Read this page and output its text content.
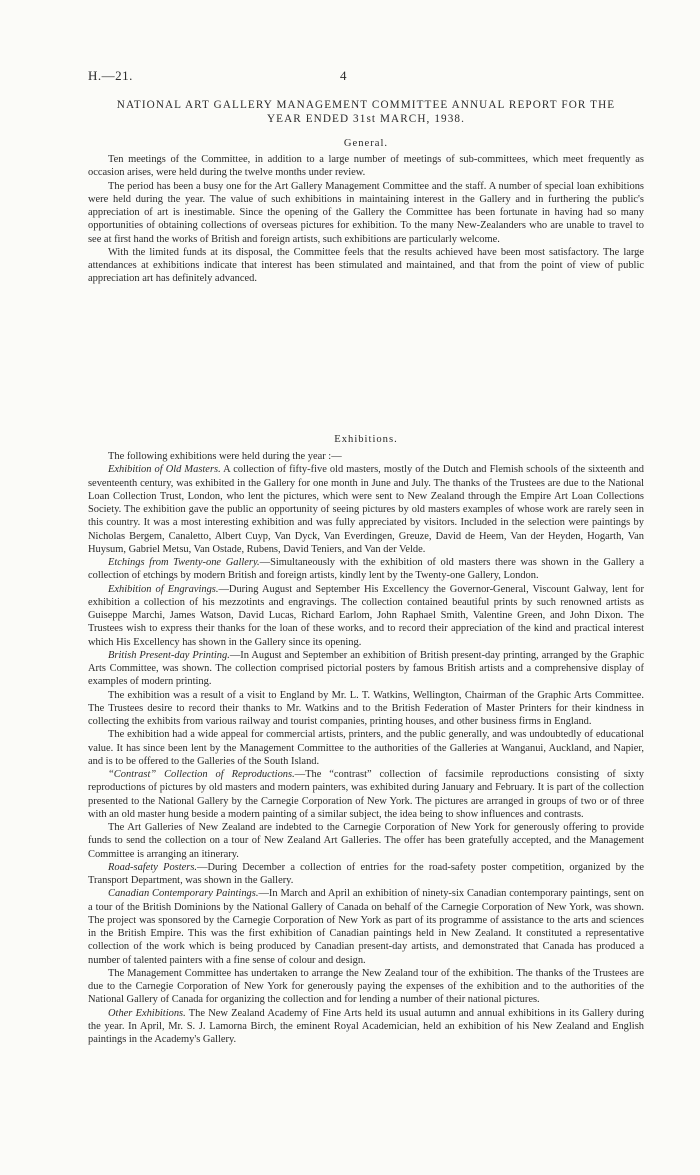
H.—21.	4
NATIONAL ART GALLERY MANAGEMENT COMMITTEE ANNUAL REPORT FOR THE
YEAR ENDED 31st MARCH, 1938.
General.

Ten meetings of the Committee, in addition to a large number of meetings of sub-committees, which meet frequently as occasion arises, were held during the twelve months under review.

The period has been a busy one for the Art Gallery Management Committee and the staff. A number of special loan exhibitions were held during the year. The value of such exhibitions in maintaining interest in the Gallery and in furthering the public's appreciation of art is inestimable. Since the opening of the Gallery the Committee has been fortunate in having had so many opportunities of obtaining collections of overseas pictures for exhibition. To the many New-Zealanders who are unable to travel to see at first hand the works of British and foreign artists, such exhibitions are particularly welcome.

With the limited funds at its disposal, the Committee feels that the results achieved have been most satisfactory. The large attendances at exhibitions indicate that interest has been stimulated and maintained, and that from the point of view of public appreciation art has definitely advanced.

Exhibitions.

The following exhibitions were held during the year :—

Exhibition of Old Masters. A collection of fifty-five old masters, mostly of the Dutch and Flemish schools of the sixteenth and seventeenth century, was exhibited in the Gallery for one month in June and July. The thanks of the Trustees are due to the National Loan Collection Trust, London, who lent the pictures, which were sent to New Zealand through the Empire Art Loan Collections Society. The exhibition gave the public an opportunity of seeing pictures by old masters examples of whose work are rarely seen in this country. It was a most interesting exhibition and was fully appreciated by visitors. Included in the selection were paintings by Nicholas Bergem, Canaletto, Albert Cuyp, Van Dyck, Van Everdingen, Greuze, David de Heem, Van der Heyden, Hogarth, Van Huysum, Gabriel Metsu, Van Ostade, Rubens, David Teniers, and Van der Velde.

Etchings from Twenty-one Gallery.—Simultaneously with the exhibition of old masters there was shown in the Gallery a collection of etchings by modern British and foreign artists, kindly lent by the Twenty-one Gallery, London.

Exhibition of Engravings.—During August and September His Excellency the Governor-General, Viscount Galway, lent for exhibition a collection of his mezzotints and engravings. The collection contained beautiful prints by such renowned artists as Guiseppe Marchi, James Watson, David Lucas, Richard Earlom, John Raphael Smith, Valentine Green, and John Dixon. The Trustees wish to express their thanks for the loan of these works, and to record their appreciation of the kind and practical interest which His Excellency has shown in the Gallery since its opening.

British Present-day Printing.—In August and September an exhibition of British present-day printing, arranged by the Graphic Arts Committee, was shown. The collection comprised pictorial posters by famous British artists and a comprehensive display of examples of modern printing.

The exhibition was a result of a visit to England by Mr. L. T. Watkins, Wellington, Chairman of the Graphic Arts Committee. The Trustees desire to record their thanks to Mr. Watkins and to the British Federation of Master Printers for their kindness in collecting the exhibits from various railway and tourist companies, printing houses, and other business firms in England.

The exhibition had a wide appeal for commercial artists, printers, and the public generally, and was undoubtedly of educational value. It has since been lent by the Management Committee to the authorities of the Galleries at Wanganui, Auckland, and Napier, and is to be offered to the Galleries of the South Island.

“Contrast” Collection of Reproductions.—The “contrast” collection of facsimile reproductions consisting of sixty reproductions of pictures by old masters and modern painters, was exhibited during January and February. It is part of the collection presented to the National Gallery by the Carnegie Corporation of New York. The pictures are arranged in groups of two or of three with an old master hung beside a modern painting of a similar subject, the idea being to show influences and contrasts.

The Art Galleries of New Zealand are indebted to the Carnegie Corporation of New York for generously offering to provide funds to send the collection on a tour of New Zealand Art Galleries. The offer has been gratefully accepted, and the Management Committee is arranging an itinerary.

Road-safety Posters.—During December a collection of entries for the road-safety poster competition, organized by the Transport Department, was shown in the Gallery.

Canadian Contemporary Paintings.—In March and April an exhibition of ninety-six Canadian contemporary paintings, sent on a tour of the British Dominions by the National Gallery of Canada on behalf of the Carnegie Corporation of New York, was shown. The project was sponsored by the Carnegie Corporation of New York as part of its programme of assistance to the arts and sciences in the British Empire. This was the first exhibition of Canadian paintings held in New Zealand. It constituted a representative collection of the work which is being produced by Canadian present-day artists, and demonstrated that Canada has produced a number of talented painters with a fine sense of colour and design.

The Management Committee has undertaken to arrange the New Zealand tour of the exhibition. The thanks of the Trustees are due to the Carnegie Corporation of New York for generously paying the expenses of the exhibition and to the authorities of the National Gallery of Canada for organizing the collection and for lending a number of their national pictures.

Other Exhibitions. The New Zealand Academy of Fine Arts held its usual autumn and annual exhibitions in its Gallery during the year. In April, Mr. S. J. Lamorna Birch, the eminent Royal Academician, held an exhibition of his New Zealand and English paintings in the Academy's Gallery.
